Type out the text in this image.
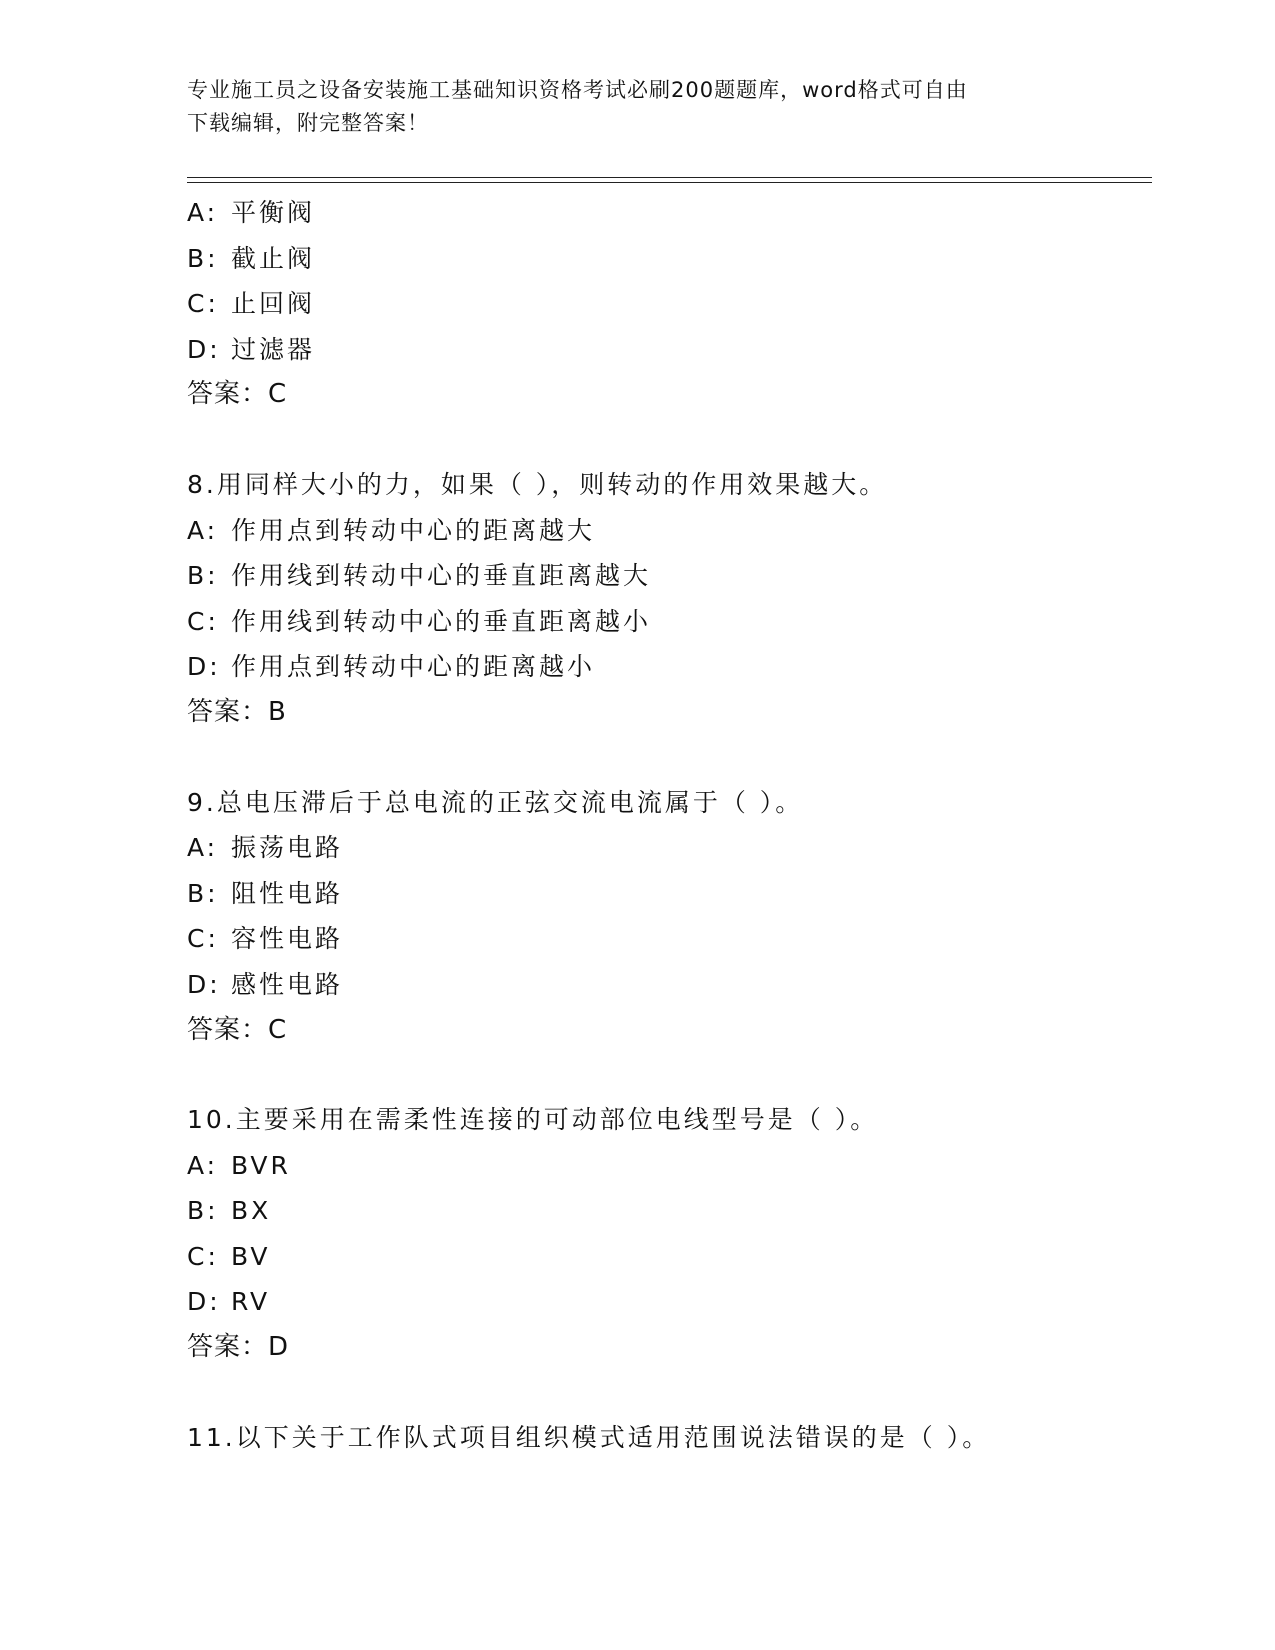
专业施工员之设备安装施工基础知识资格考试必刷200题题库，word格式可自由
下载编辑，附完整答案！
A: 平衡阀
B: 截止阀
C: 止回阀
D: 过滤器
答案：C
8.用同样大小的力，如果（ ），则转动的作用效果越大。
A: 作用点到转动中心的距离越大
B: 作用线到转动中心的垂直距离越大
C: 作用线到转动中心的垂直距离越小
D: 作用点到转动中心的距离越小
答案：B
9.总电压滞后于总电流的正弦交流电流属于（ ）。
A: 振荡电路
B: 阻性电路
C: 容性电路
D: 感性电路
答案：C
10.主要采用在需柔性连接的可动部位电线型号是（ ）。
A: BVR
B: BX
C: BV
D: RV
答案：D
11.以下关于工作队式项目组织模式适用范围说法错误的是（ ）。
